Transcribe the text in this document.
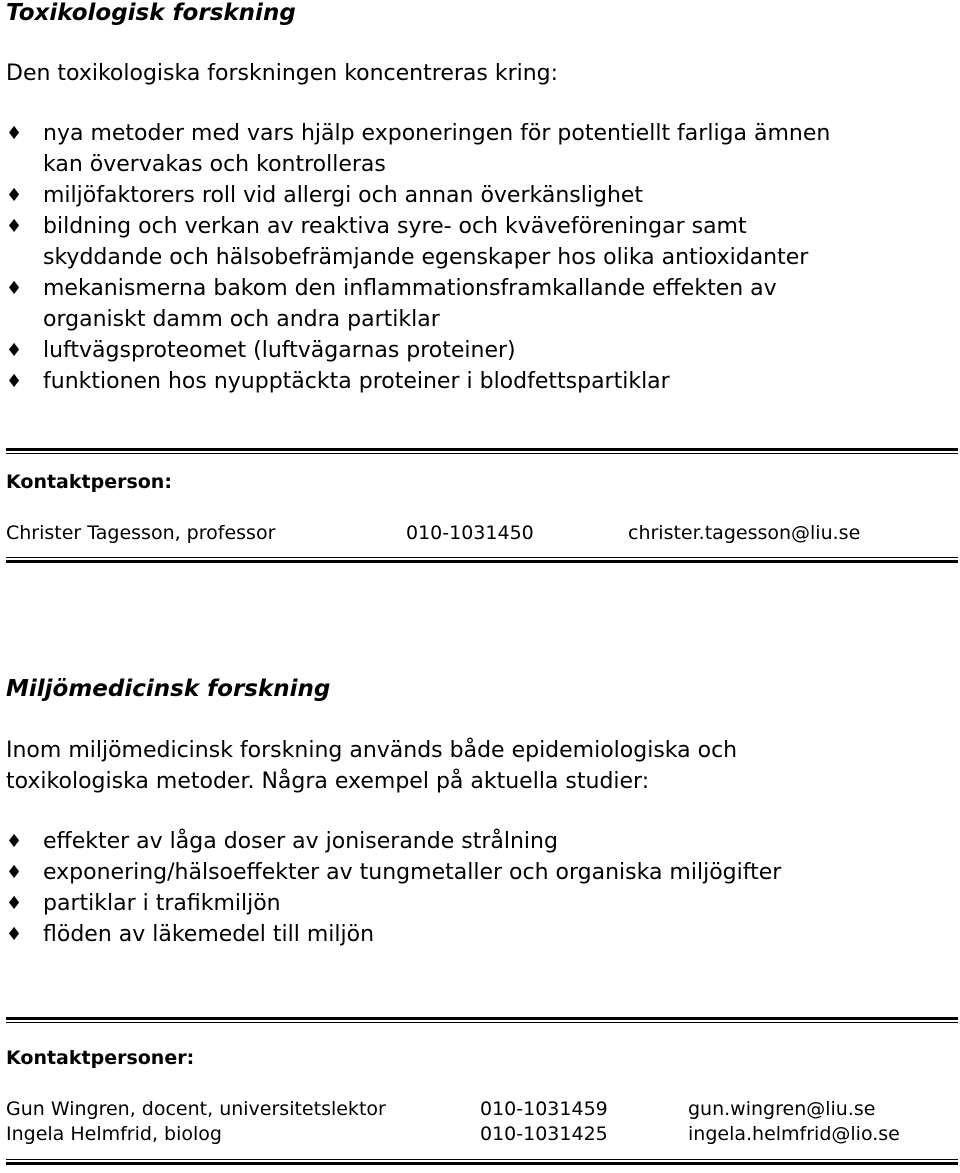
Toxikologisk forskning
Den toxikologiska forskningen koncentreras kring:
♦ nya metoder med vars hjälp exponeringen för potentiellt farliga ämnen
kan övervakas och kontrolleras
♦ miljöfaktorers roll vid allergi och annan överkänslighet
♦ bildning och verkan av reaktiva syre- och kväveföreningar samt
skyddande och hälsobefrämjande egenskaper hos olika antioxidanter
♦ mekanismerna bakom den inflammationsframkallande effekten av
organiskt damm och andra partiklar
♦ luftvägsproteomet (luftvägarnas proteiner)
♦ funktionen hos nyupptäckta proteiner i blodfettspartiklar
Kontaktperson:
Christer Tagesson, professor	010-1031450	christer.tagesson@liu.se
Miljömedicinsk forskning
Inom miljömedicinsk forskning används både epidemiologiska och
toxikologiska metoder. Några exempel på aktuella studier:
♦ effekter av låga doser av joniserande strålning
♦ exponering/hälsoeffekter av tungmetaller och organiska miljögifter
♦ partiklar i trafikmiljön
♦ flöden av läkemedel till miljön
Kontaktpersoner:
Gun Wingren, docent, universitetslektor	010-1031459	gun.wingren@liu.se
Ingela Helmfrid, biolog	010-1031425	ingela.helmfrid@lio.se
